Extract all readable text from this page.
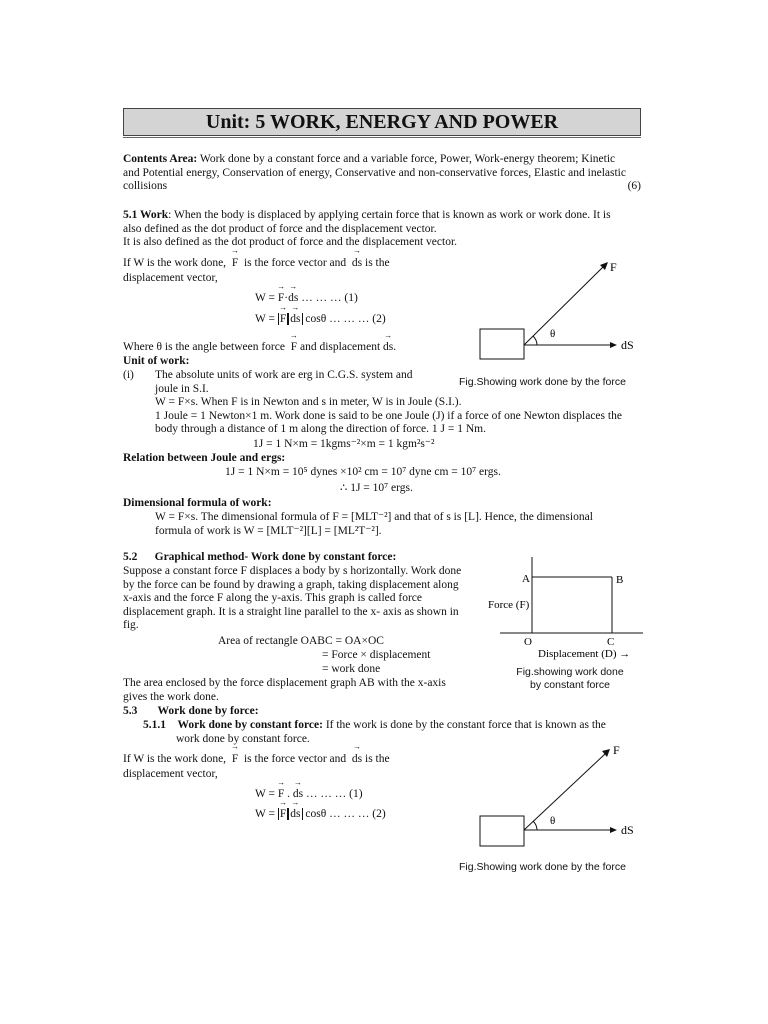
Unit: 5 WORK, ENERGY AND POWER
Contents Area: Work done by a constant force and a variable force, Power, Work-energy theorem; Kinetic
and Potential energy, Conservation of energy, Conservative and non-conservative forces, Elastic and inelastic
collisions	(6)
5.1 Work: When the body is displaced by applying certain force that is known as work or work done. It is
also defined as the dot product of force and the displacement vector.
It is also defined as the dot product of force and the displacement vector.
If W is the work done, → F is the force vector and → ds is the
displacement vector,
W = → F·→ ds … … … (1)
W = → F → ds cosθ … … … (2)
Where θ is the angle between force → F and displacement → ds.
Unit of work:
(i) The absolute units of work are erg in C.G.S. system and
joule in S.I.
W = F×s. When F is in Newton and s in meter, W is in Joule (S.I.).
1 Joule = 1 Newton×1 m. Work done is said to be one Joule (J) if a force of one Newton displaces the
body through a distance of 1 m along the direction of force. 1 J = 1 Nm.
1J = 1 N×m = 1kgms⁻²×m = 1 kgm²s⁻²
Relation between Joule and ergs:
1J = 1 N×m = 10⁵ dynes ×10² cm = 10⁷ dyne cm = 10⁷ ergs.
∴ 1J = 10⁷ ergs.
Dimensional formula of work:
W = F×s. The dimensional formula of F = [MLT⁻²] and that of s is [L]. Hence, the dimensional
formula of work is W = [MLT⁻²][L] = [ML²T⁻²].
F
θ
dS
Fig.Showing work done by the force
5.2 Graphical method- Work done by constant force:
Suppose a constant force F displaces a body by s horizontally. Work done
by the force can be found by drawing a graph, taking displacement along
x-axis and the force F along the y-axis. This graph is called force
displacement graph. It is a straight line parallel to the x- axis as shown in
fig.
Area of rectangle OABC = OA×OC
= Force × displacement
= work done
The area enclosed by the force displacement graph AB with the x-axis
gives the work done.
A	B
O	C
Force (F)
Displacement (D) →
Fig.showing work done
by constant force
5.3 Work done by force:
5.1.1 Work done by constant force: If the work is done by the constant force that is known as the
work done by constant force.
If W is the work done, → F is the force vector and → ds is the
displacement vector,
W = → F . → ds … … … (1)
W = → F → ds cosθ … … … (2)
F
θ
dS
Fig.Showing work done by the force
